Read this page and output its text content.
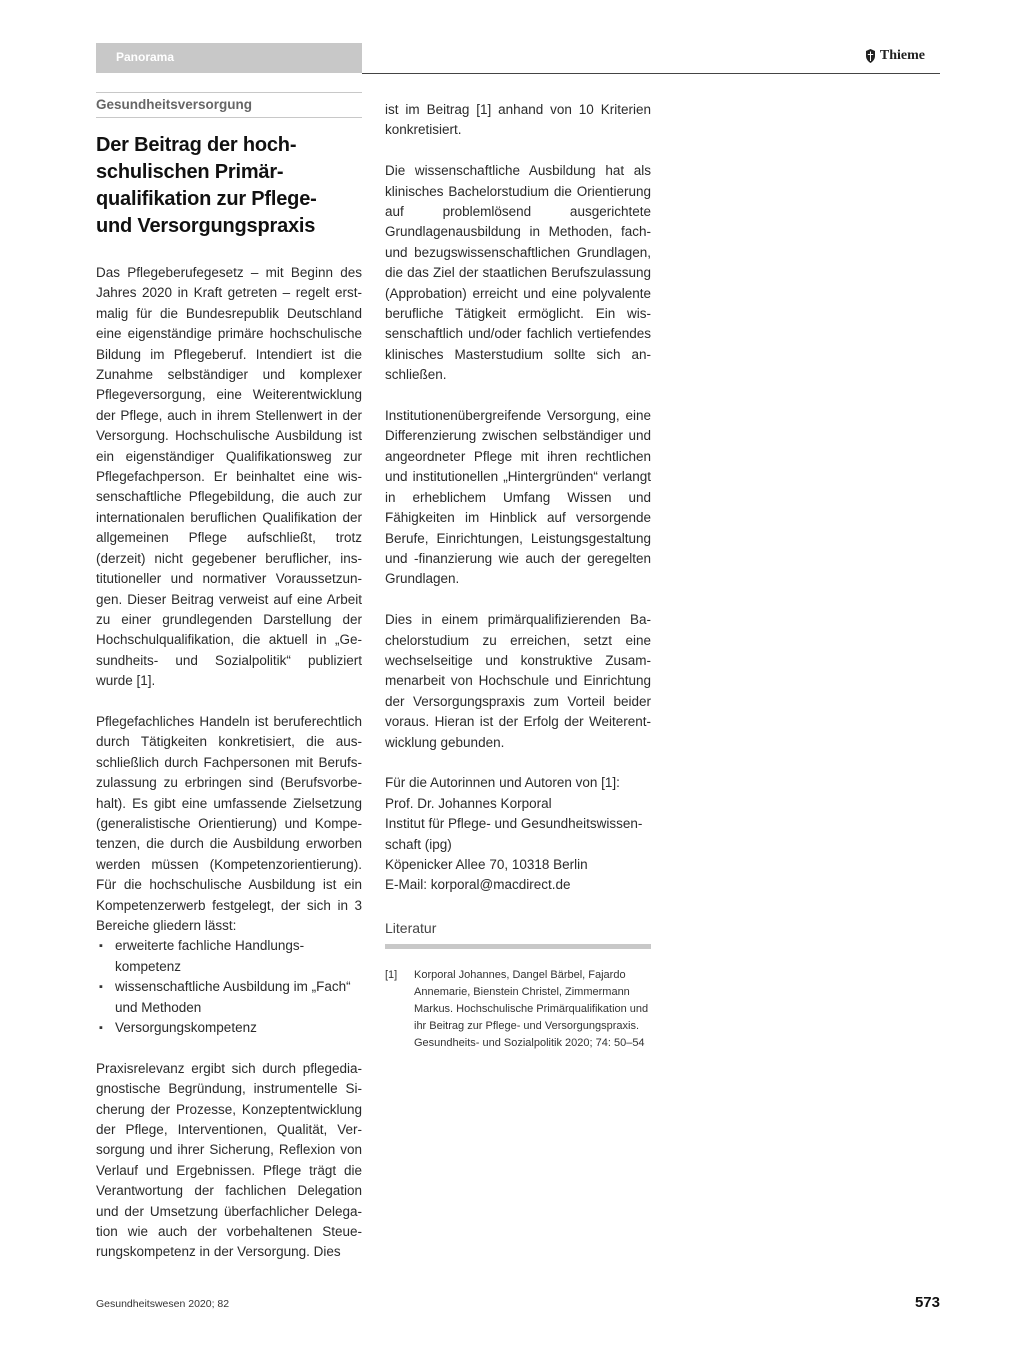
Panorama	Thieme
Gesundheitsversorgung
Der Beitrag der hoch-
schulischen Primär-
qualifikation zur Pflege-
und Versorgungspraxis

Das Pflegeberufegesetz – mit Beginn des Jahres 2020 in Kraft getreten – regelt erstmalig für die Bundesrepublik Deutschland eine eigenständige primäre hochschulische Bildung im Pflegeberuf. Intendiert ist die Zunahme selbständiger und komplexer Pflegeversorgung, eine Weiterentwicklung der Pflege, auch in ihrem Stellenwert in der Versorgung. Hochschulische Ausbildung ist ein eigenständiger Qualifikationsweg zur Pflegefachperson. Er beinhaltet eine wissenschaftliche Pflegebildung, die auch zur internationalen beruflichen Qualifikation der allgemeinen Pflege aufschließt, trotz (derzeit) nicht gegebener beruflicher, institutioneller und normativer Voraussetzungen. Dieser Beitrag verweist auf eine Arbeit zu einer grundlegenden Darstellung der Hochschulqualifikation, die aktuell in „Gesundheits- und Sozialpolitik“ publiziert wurde [1].

Pflegefachliches Handeln ist beruferechtlich durch Tätigkeiten konkretisiert, die ausschließlich durch Fachpersonen mit Berufszulassung zu erbringen sind (Berufsvorbehalt). Es gibt eine umfassende Zielsetzung (generalistische Orientierung) und Kompetenzen, die durch die Ausbildung erworben werden müssen (Kompetenzorientierung). Für die hochschulische Ausbildung ist ein Kompetenzerwerb festgelegt, der sich in 3 Bereiche gliedern lässt:

▪ erweiterte fachliche Handlungskompetenz
▪ wissenschaftliche Ausbildung im „Fach“ und Methoden
▪ Versorgungskompetenz

Praxisrelevanz ergibt sich durch pflegediagnostische Begründung, instrumentelle Sicherung der Prozesse, Konzeptentwicklung der Pflege, Interventionen, Qualität, Versorgung und ihrer Sicherung, Reflexion von Verlauf und Ergebnissen. Pflege trägt die Verantwortung der fachlichen Delegation und der Umsetzung überfachlicher Delegation wie auch der vorbehaltenen Steuerungskompetenz in der Versorgung. Dies

ist im Beitrag [1] anhand von 10 Kriterien konkretisiert.

Die wissenschaftliche Ausbildung hat als klinisches Bachelorstudium die Orientierung auf problemlösend ausgerichtete Grundlagenausbildung in Methoden, fach- und bezugswissenschaftlichen Grundlagen, die das Ziel der staatlichen Berufszulassung (Approbation) erreicht und eine polyvalente berufliche Tätigkeit ermöglicht. Ein wissenschaftlich und/oder fachlich vertiefendes klinisches Masterstudium sollte sich anschließen.

Institutionenübergreifende Versorgung, eine Differenzierung zwischen selbständiger und angeordneter Pflege mit ihren rechtlichen und institutionellen „Hintergründen“ verlangt in erheblichem Umfang Wissen und Fähigkeiten im Hinblick auf versorgende Berufe, Einrichtungen, Leistungsgestaltung und -finanzierung wie auch der geregelten Grundlagen.

Dies in einem primärqualifizierenden Bachelorstudium zu erreichen, setzt eine wechselseitige und konstruktive Zusammenarbeit von Hochschule und Einrichtung der Versorgungspraxis zum Vorteil beider voraus. Hieran ist der Erfolg der Weiterentwicklung gebunden.

Für die Autorinnen und Autoren von [1]:
Prof. Dr. Johannes Korporal
Institut für Pflege- und Gesundheitswissenschaft (ipg)
Köpenicker Allee 70, 10318 Berlin
E-Mail: korporal@macdirect.de
Literatur
[1]	Korporal Johannes, Dangel Bärbel, Fajardo Annemarie, Bienstein Christel, Zimmermann Markus. Hochschulische Primärqualifikation und ihr Beitrag zur Pflege- und Versorgungspraxis. Gesundheits- und Sozialpolitik 2020; 74: 50–54
Gesundheitswesen 2020; 82	573
